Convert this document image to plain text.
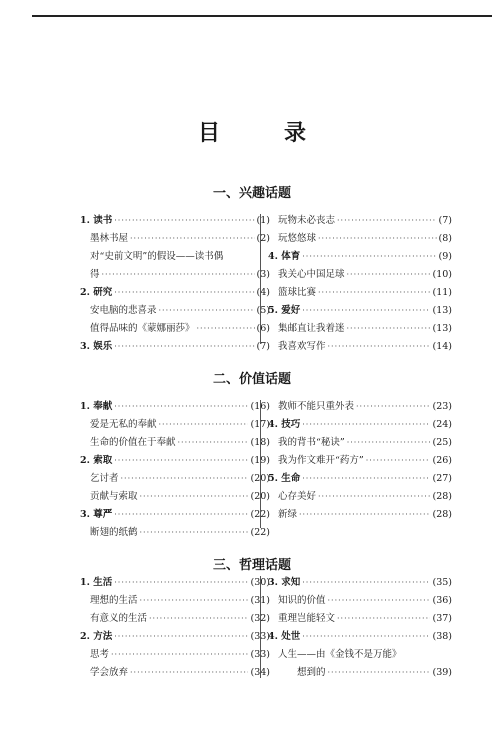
目	录
一、兴趣话题
1. 读书 ·····	(1)
墨林书屋 ·····	(2)
对“史前文明”的假设——读书偶
得 ·····	(3)
2. 研究 ·····	(4)
安电脑的悲喜录 ·····	(5)
值得品味的《蒙娜丽莎》 ·····	(6)
3. 娱乐 ·····	(7)
玩物未必丧志 ·····	(7)
玩悠悠球 ·····	(8)
4. 体育 ·····	(9)
我关心中国足球 ·····	(10)
篮球比赛 ·····	(11)
5. 爱好 ·····	(13)
集邮直让我着迷 ·····	(13)
我喜欢写作 ·····	(14)
二、价值话题
1. 奉献 ·····	(16)
爱是无私的奉献 ·····	(17)
生命的价值在于奉献 ·····	(18)
2. 索取 ·····	(19)
乞讨者 ·····	(20)
贡献与索取 ·····	(20)
3. 尊严 ·····	(22)
断翅的纸鹤 ·····	(22)
教师不能只重外表 ·····	(23)
4. 技巧 ·····	(24)
我的背书“秘诀” ·····	(25)
我为作文难开“药方” ·····	(26)
5. 生命 ·····	(27)
心存美好 ·····	(28)
新绿 ·····	(28)
三、哲理话题
1. 生活 ·····	(30)
理想的生活 ·····	(31)
有意义的生活 ·····	(32)
2. 方法 ·····	(33)
思考 ·····	(33)
学会放弃 ·····	(34)
3. 求知 ·····	(35)
知识的价值 ·····	(36)
重理岂能轻文 ·····	(37)
4. 处世 ·····	(38)
人生——由《金钱不是万能》
　　想到的 ·····	(39)
